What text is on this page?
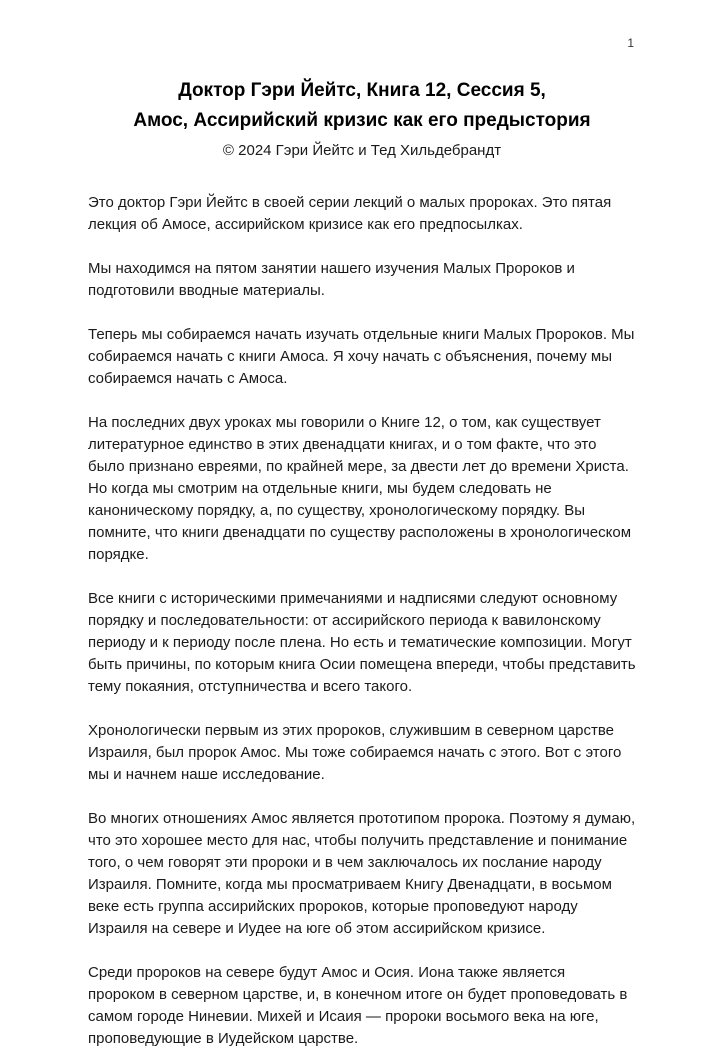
1
Доктор Гэри Йейтс, Книга 12, Сессия 5,
Амос, Ассирийский кризис как его предыстория
© 2024 Гэри Йейтс и Тед Хильдебрандт

Это доктор Гэри Йейтс в своей серии лекций о малых пророках. Это пятая лекция об Амосе, ассирийском кризисе как его предпосылках.

Мы находимся на пятом занятии нашего изучения Малых Пророков и подготовили вводные материалы.

Теперь мы собираемся начать изучать отдельные книги Малых Пророков. Мы собираемся начать с книги Амоса. Я хочу начать с объяснения, почему мы собираемся начать с Амоса.

На последних двух уроках мы говорили о Книге 12, о том, как существует литературное единство в этих двенадцати книгах, и о том факте, что это было признано евреями, по крайней мере, за двести лет до времени Христа. Но когда мы смотрим на отдельные книги, мы будем следовать не каноническому порядку, а, по существу, хронологическому порядку. Вы помните, что книги двенадцати по существу расположены в хронологическом порядке.

Все книги с историческими примечаниями и надписями следуют основному порядку и последовательности: от ассирийского периода к вавилонскому периоду и к периоду после плена. Но есть и тематические композиции. Могут быть причины, по которым книга Осии помещена впереди, чтобы представить тему покаяния, отступничества и всего такого.

Хронологически первым из этих пророков, служившим в северном царстве Израиля, был пророк Амос. Мы тоже собираемся начать с этого. Вот с этого мы и начнем наше исследование.

Во многих отношениях Амос является прототипом пророка. Поэтому я думаю, что это хорошее место для нас, чтобы получить представление и понимание того, о чем говорят эти пророки и в чем заключалось их послание народу Израиля. Помните, когда мы просматриваем Книгу Двенадцати, в восьмом веке есть группа ассирийских пророков, которые проповедуют народу Израиля на севере и Иудее на юге об этом ассирийском кризисе.

Среди пророков на севере будут Амос и Осия. Иона также является пророком в северном царстве, и, в конечном итоге он будет проповедовать в самом городе Ниневии. Михей и Исаия — пророки восьмого века на юге, проповедующие в Иудейском царстве.
